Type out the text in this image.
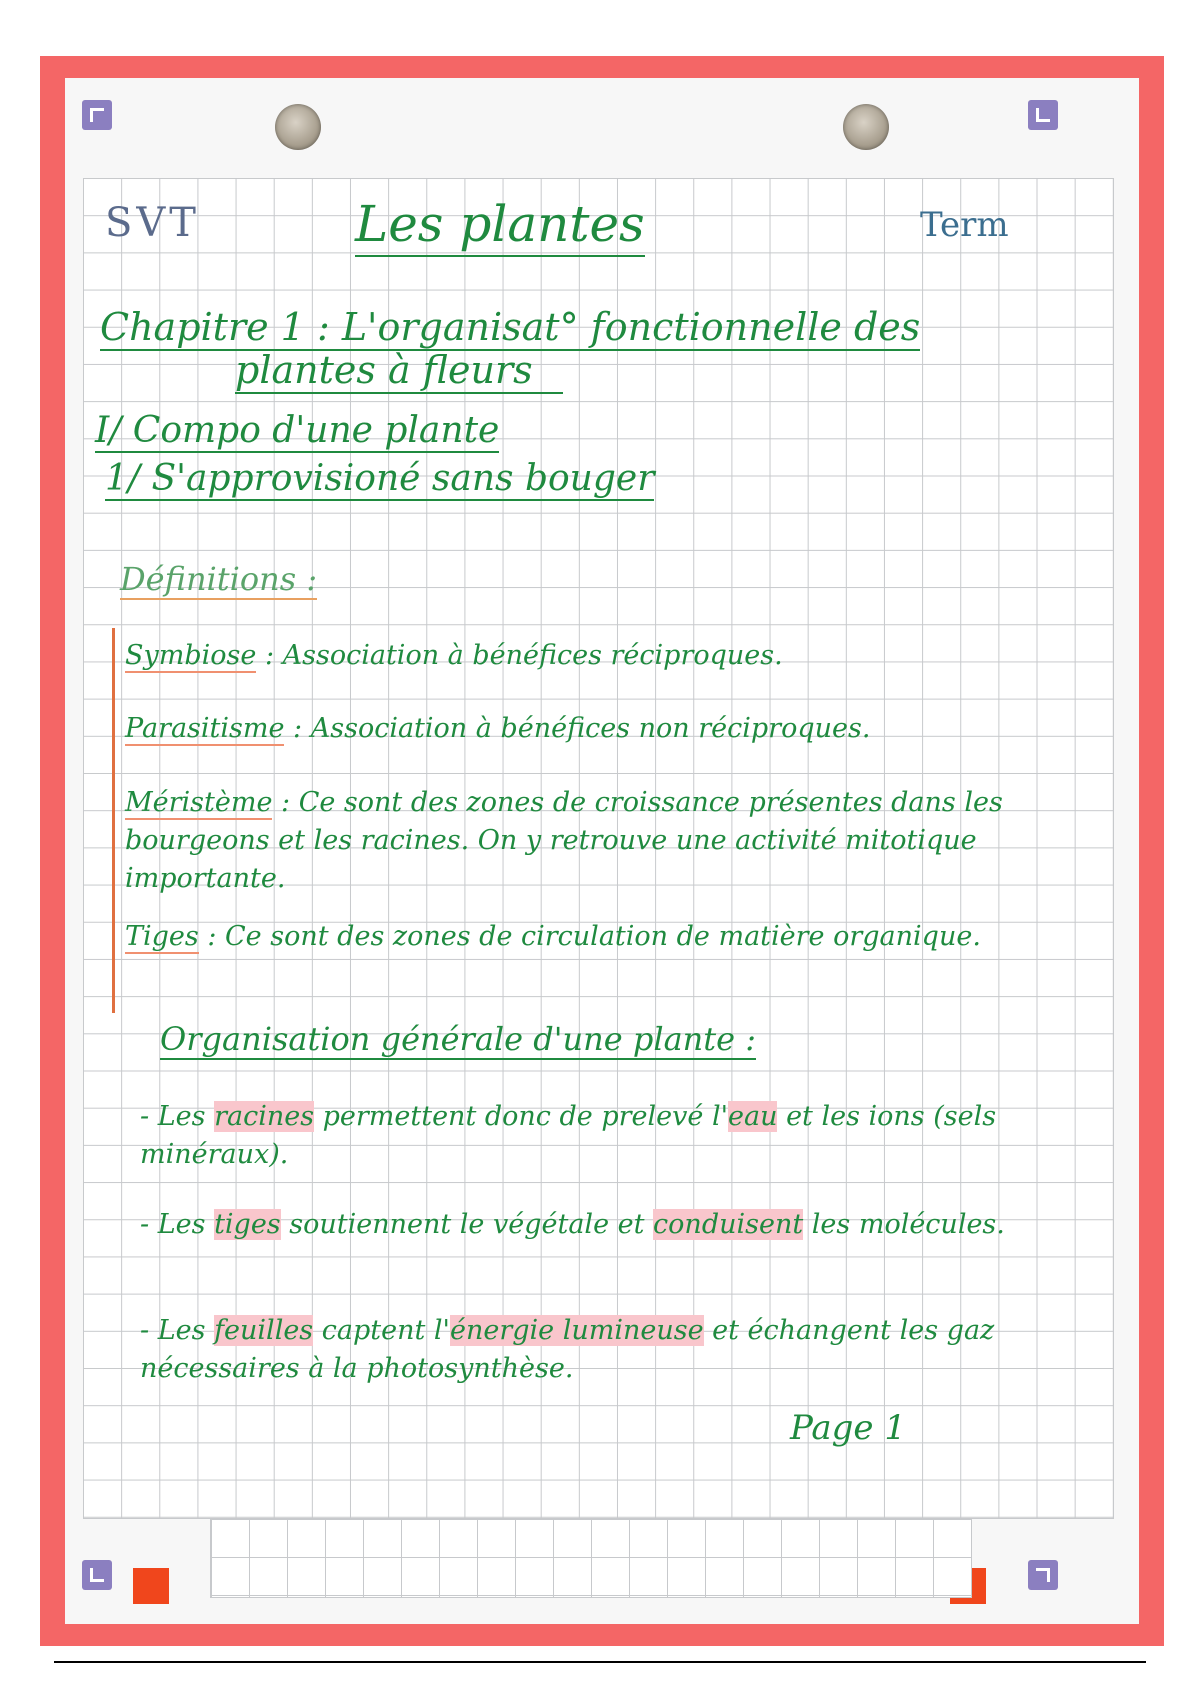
SVT	Les plantes	Term
Chapitre 1 : L'organisat° fonctionnelle des
plantes à fleurs
I/ Compo d'une plante
1/ S'approvisioné sans bouger
Définitions :
Symbiose : Association à bénéfices réciproques.
Parasitisme : Association à bénéfices non réciproques.
Méristème : Ce sont des zones de croissance présentes dans les bourgeons et les racines. On y retrouve une activité mitotique importante.
Tiges : Ce sont des zones de circulation de matière organique.
Organisation générale d'une plante :
- Les racines permettent donc de prelevé l'eau et les ions (sels minéraux).
- Les tiges soutiennent le végétale et conduisent les molécules.
- Les feuilles captent l'énergie lumineuse et échangent les gaz nécessaires à la photosynthèse.
Page 1
